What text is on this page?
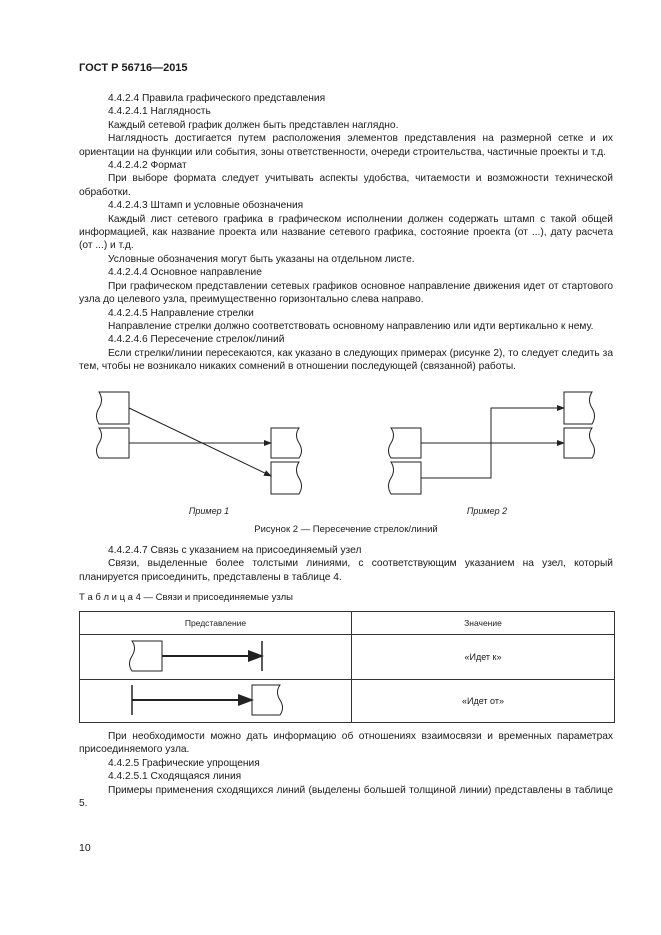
ГОСТ Р 56716—2015

4.4.2.4 Правила графического представления

4.4.2.4.1 Наглядность

Каждый сетевой график должен быть представлен наглядно.

Наглядность достигается путем расположения элементов представления на размерной сетке и их ориентации на функции или события, зоны ответственности, очереди строительства, частичные проекты и т.д.

4.4.2.4.2 Формат

При выборе формата следует учитывать аспекты удобства, читаемости и возможности технической обработки.

4.4.2.4.3 Штамп и условные обозначения

Каждый лист сетевого графика в графическом исполнении должен содержать штамп с такой общей информацией, как название проекта или название сетевого графика, состояние проекта (от ...), дату расчета (от ...) и т.д.

Условные обозначения могут быть указаны на отдельном листе.

4.4.2.4.4 Основное направление

При графическом представлении сетевых графиков основное направление движения идет от стартового узла до целевого узла, преимущественно горизонтально слева направо.

4.4.2.4.5 Направление стрелки

Направление стрелки должно соответствовать основному направлению или идти вертикально к нему.

4.4.2.4.6 Пересечение стрелок/линий

Если стрелки/линии пересекаются, как указано в следующих примерах (рисунке 2), то следует следить за тем, чтобы не возникало никаких сомнений в отношении последующей (связанной) работы.

Пример 1	Пример 2
Рисунок 2 — Пересечение стрелок/линий

4.4.2.4.7 Связь с указанием на присоединяемый узел

Связи, выделенные более толстыми линиями, с соответствующим указанием на узел, который планируется присоединить, представлены в таблице 4.

Т а б л и ц а 4 — Связи и присоединяемые узлы
Представление	Значение
	«Идет к»
	«Идет от»

При необходимости можно дать информацию об отношениях взаимосвязи и временных параметрах присоединяемого узла.

4.4.2.5 Графические упрощения

4.4.2.5.1 Сходящаяся линия

Примеры применения сходящихся линий (выделены большей толщиной линии) представлены в таблице 5.

10
